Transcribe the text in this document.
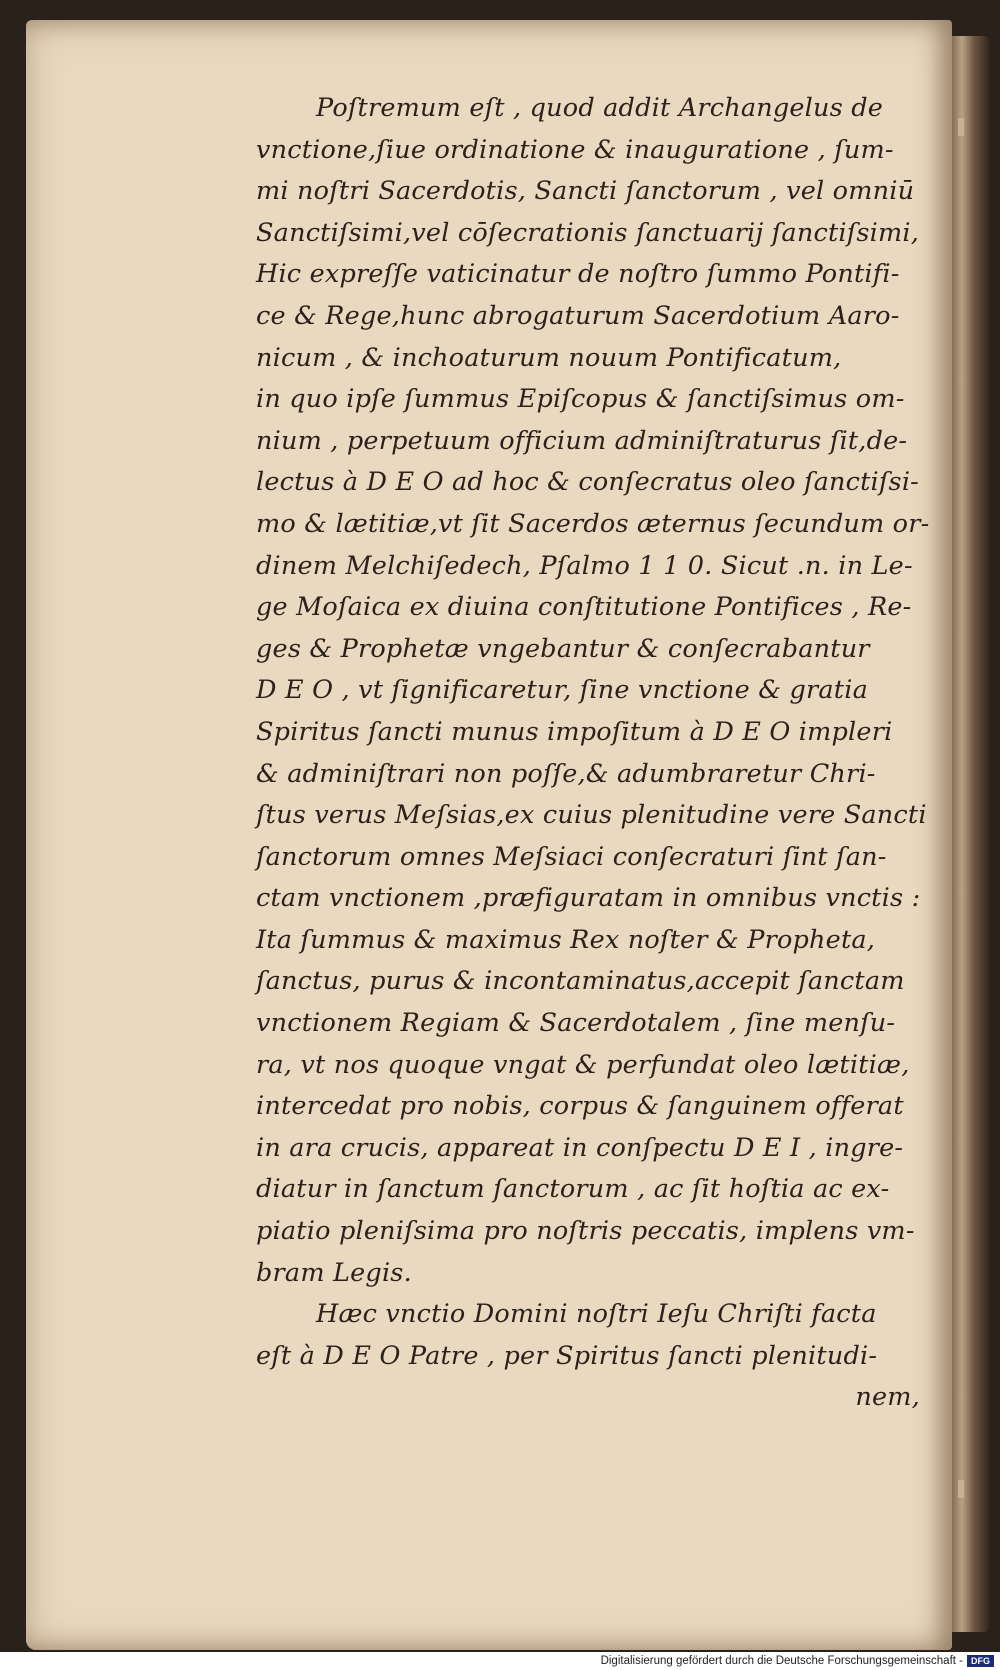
Poſtremum eſt , quod addit Archangelus de
vnctione,ſiue ordinatione & inauguratione , ſum-
mi noſtri Sacerdotis, Sancti ſanctorum , vel omniū
Sanctiſsimi,vel cōſecrationis ſanctuarij ſanctiſsimi,
Hic expreſſe vaticinatur de noſtro ſummo Pontifi-
ce & Rege,hunc abrogaturum Sacerdotium Aaro-
nicum , & inchoaturum nouum Pontificatum,
in quo ipſe ſummus Epiſcopus & ſanctiſsimus om-
nium , perpetuum officium adminiſtraturus ſit,de-
lectus à D E O ad hoc & conſecratus oleo ſanctiſsi-
mo & lætitiæ,vt ſit Sacerdos æternus ſecundum or-
dinem Melchiſedech, Pſalmo 1 1 0. Sicut .n. in Le-
ge Moſaica ex diuina conſtitutione Pontifices , Re-
ges & Prophetæ vngebantur & conſecrabantur
D E O , vt ſignificaretur, ſine vnctione & gratia
Spiritus ſancti munus impoſitum à D E O impleri
& adminiſtrari non poſſe,& adumbraretur Chri-
ſtus verus Meſsias,ex cuius plenitudine vere Sancti
ſanctorum omnes Meſsiaci conſecraturi ſint ſan-
ctam vnctionem ,præfiguratam in omnibus vnctis :
Ita ſummus & maximus Rex noſter & Propheta,
ſanctus, purus & incontaminatus,accepit ſanctam
vnctionem Regiam & Sacerdotalem , ſine menſu-
ra, vt nos quoque vngat & perfundat oleo lætitiæ,
intercedat pro nobis, corpus & ſanguinem offerat
in ara crucis, appareat in conſpectu D E I , ingre-
diatur in ſanctum ſanctorum , ac ſit hoſtia ac ex-
piatio pleniſsima pro noſtris peccatis, implens vm-
bram Legis.
Hæc vnctio Domini noſtri Ieſu Chriſti facta
eſt à D E O Patre , per Spiritus ſancti plenitudi-
nem,
Digitalisierung gefördert durch die Deutsche Forschungsgemeinschaft - DFG
